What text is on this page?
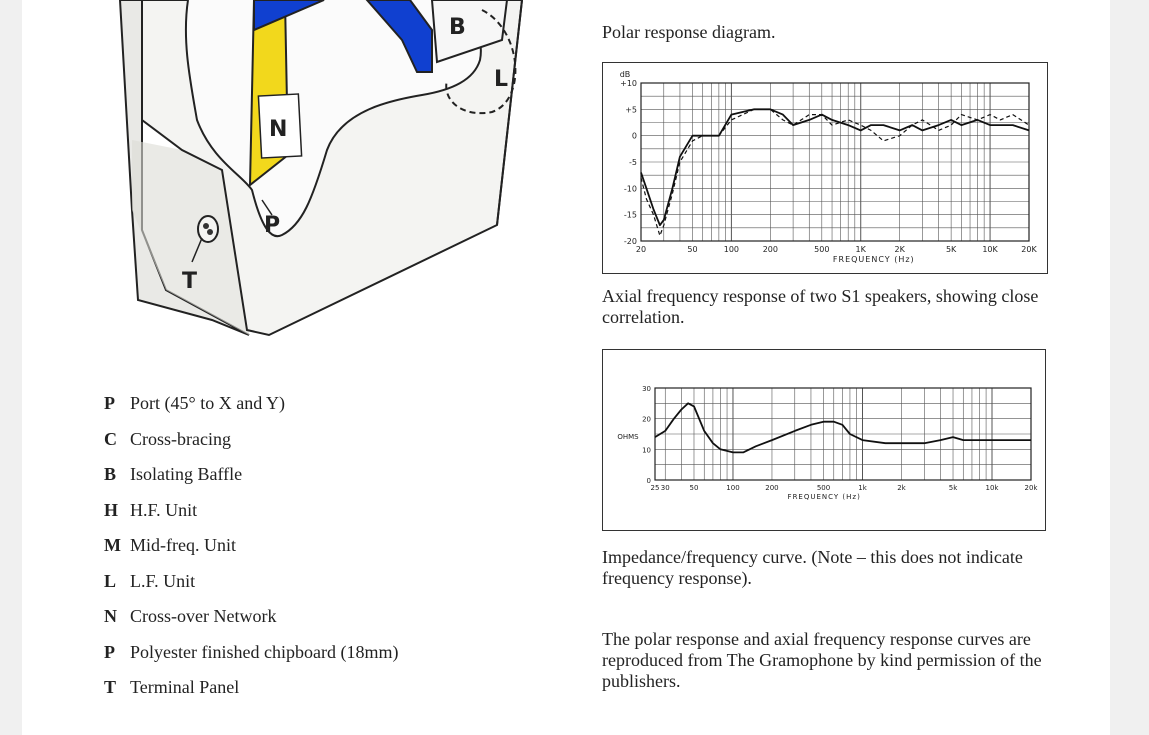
B
L
N
P
T
P Port (45° to X and Y)
C Cross-bracing
B Isolating Baffle
H H.F. Unit
M Mid-freq. Unit
L L.F. Unit
N Cross-over Network
P Polyester finished chipboard (18mm)
T Terminal Panel
Polar response diagram.
+10
+5
0
-5
-10
-15
-20
20	50	100	200	500	1K	2K	5K	10K	20K
FREQUENCY (Hz)
dB
Axial frequency response of two S1 speakers, showing close correlation.
30
20
10
0
25 30	50	100	200	500	1k	2k	5k	10k	20k
FREQUENCY (Hz)
OHMS
Impedance/frequency curve. (Note – this does not indicate frequency response).
The polar response and axial frequency response curves are reproduced from The Gramophone by kind permission of the publishers.
